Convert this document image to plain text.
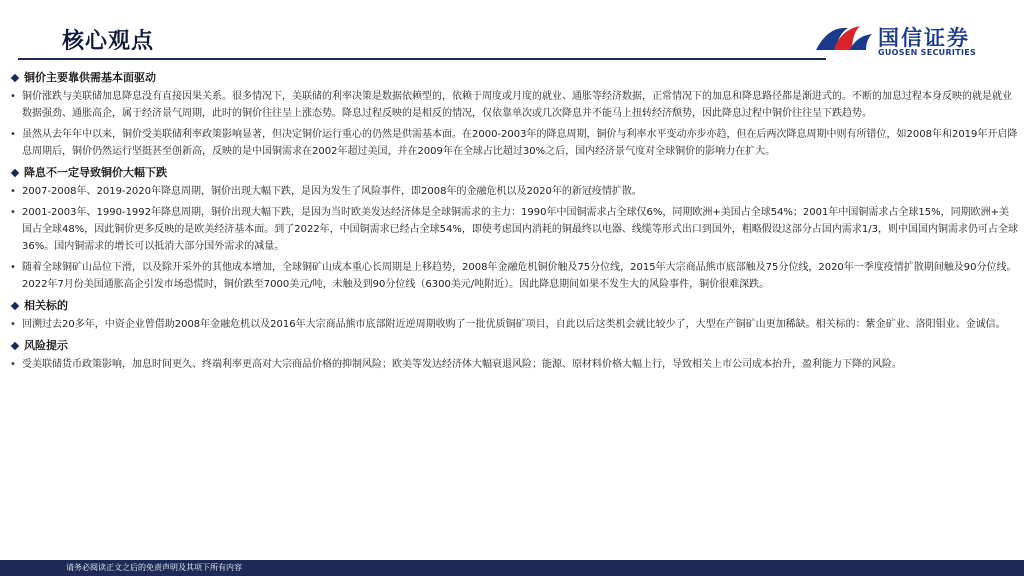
核心观点	国信证券
GUOSEN SECURITIES
铜价主要靠供需基本面驱动
• 铜价涨跌与美联储加息降息没有直接因果关系。很多情况下，美联储的利率决策是数据依赖型的，依赖于周度或月度的就业、通胀等经济数据，正常情况下的加息和降息路径都是渐进式的。不断的加息过程本身反映的就是就业数据强劲、通胀高企，属于经济景气周期，此时的铜价往往呈上涨态势。降息过程反映的是相反的情况，仅依靠单次或几次降息并不能马上扭转经济颓势，因此降息过程中铜价往往呈下跌趋势。
• 虽然从去年年中以来，铜价受美联储利率政策影响显著，但决定铜价运行重心的仍然是供需基本面。在2000-2003年的降息周期，铜价与利率水平变动亦步亦趋，但在后两次降息周期中则有所错位，如2008年和2019年开启降息周期后，铜价仍然运行坚挺甚至创新高，反映的是中国铜需求在2002年超过美国，并在2009年在全球占比超过30%之后，国内经济景气度对全球铜价的影响力在扩大。
降息不一定导致铜价大幅下跌
• 2007-2008年、2019-2020年降息周期，铜价出现大幅下跌，是因为发生了风险事件，即2008年的金融危机以及2020年的新冠疫情扩散。
• 2001-2003年、1990-1992年降息周期，铜价出现大幅下跌，是因为当时欧美发达经济体是全球铜需求的主力：1990年中国铜需求占全球仅6%，同期欧洲+美国占全球54%；2001年中国铜需求占全球15%，同期欧洲+美国占全球48%，因此铜价更多反映的是欧美经济基本面。到了2022年，中国铜需求已经占全球54%，即使考虑国内消耗的铜最终以电器、线缆等形式出口到国外，粗略假设这部分占国内需求1/3，则中国国内铜需求仍可占全球36%。国内铜需求的增长可以抵消大部分国外需求的减量。
• 随着全球铜矿山品位下滑，以及除开采外的其他成本增加，全球铜矿山成本重心长周期是上移趋势，2008年金融危机铜价触及75分位线，2015年大宗商品熊市底部触及75分位线，2020年一季度疫情扩散期间触及90分位线。2022年7月份美国通胀高企引发市场恐慌时，铜价跌至7000美元/吨，未触及到90分位线（6300美元/吨附近）。因此降息期间如果不发生大的风险事件，铜价很难深跌。
相关标的
• 回溯过去20多年，中资企业曾借助2008年金融危机以及2016年大宗商品熊市底部附近逆周期收购了一批优质铜矿项目，自此以后这类机会就比较少了，大型在产铜矿山更加稀缺。相关标的：紫金矿业、洛阳钼业、金诚信。
风险提示
• 受美联储货币政策影响，加息时间更久、终端利率更高对大宗商品价格的抑制风险；欧美等发达经济体大幅衰退风险；能源、原材料价格大幅上行，导致相关上市公司成本抬升，盈利能力下降的风险。
请务必阅读正文之后的免责声明及其项下所有内容
